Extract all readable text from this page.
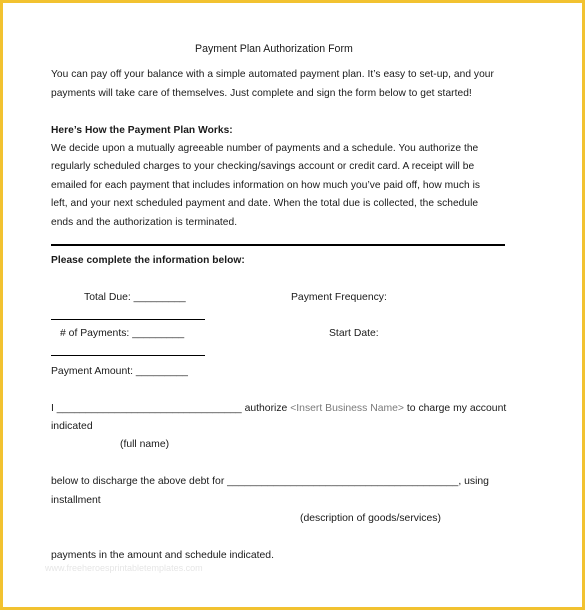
Payment Plan Authorization Form
You can pay off your balance with a simple automated payment plan. It’s easy to set-up, and your
payments will take care of themselves. Just complete and sign the form below to get started!
Here’s How the Payment Plan Works:
We decide upon a mutually agreeable number of payments and a schedule. You authorize the
regularly scheduled charges to your checking/savings account or credit card. A receipt will be
emailed for each payment that includes information on how much you’ve paid off, how much is
left, and your next scheduled payment and date. When the total due is collected, the schedule
ends and the authorization is terminated.
Please complete the information below:
Total Due: _________	Payment Frequency:
# of Payments: _________	Start Date:
Payment Amount: _________
I ________________________________ authorize <Insert Business Name> to charge my account
indicated
(full name)
below to discharge the above debt for ________________________________________, using
installment
(description of goods/services)
payments in the amount and schedule indicated.
www.freeheroesprintabletemplates.com
